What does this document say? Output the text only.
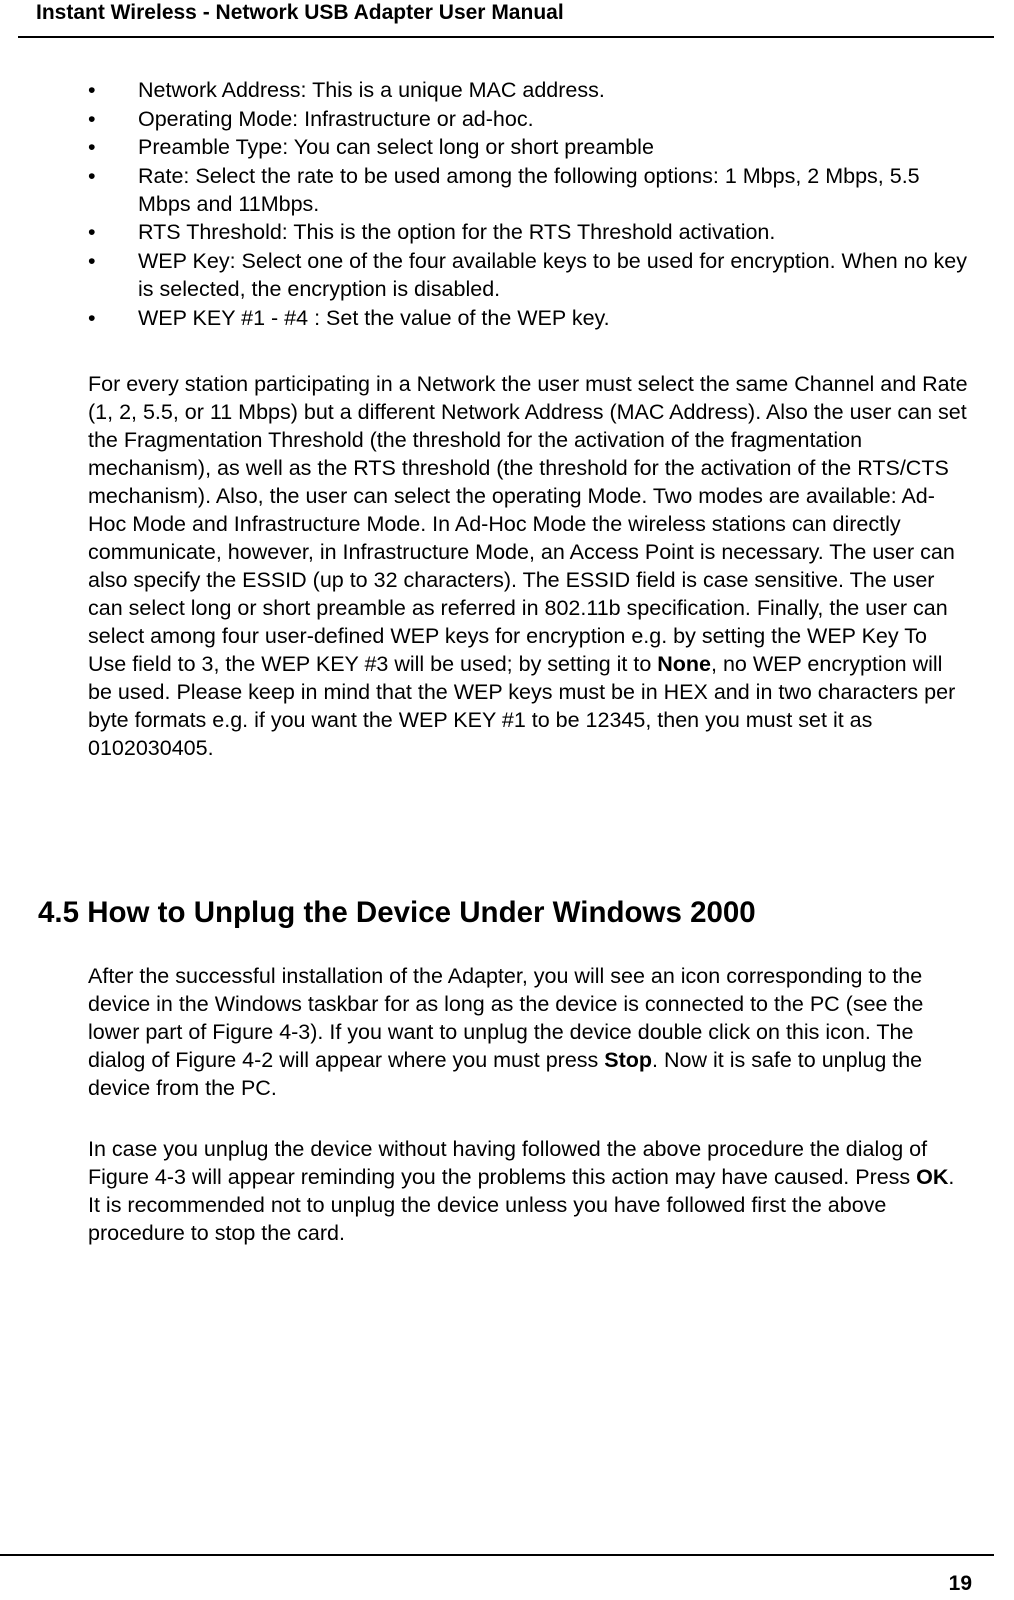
Instant Wireless - Network USB Adapter User Manual
• Network Address: This is a unique MAC address.
• Operating Mode: Infrastructure or ad-hoc.
• Preamble Type: You can select long or short preamble
• Rate: Select the rate to be used among the following options: 1 Mbps, 2 Mbps, 5.5 Mbps and 11Mbps.
• RTS Threshold: This is the option for the RTS Threshold activation.
• WEP Key: Select one of the four available keys to be used for encryption. When no key is selected, the encryption is disabled.
• WEP KEY #1 - #4 : Set the value of the WEP key.

For every station participating in a Network the user must select the same Channel and Rate (1, 2, 5.5, or 11 Mbps) but a different Network Address (MAC Address). Also the user can set the Fragmentation Threshold (the threshold for the activation of the fragmentation mechanism), as well as the RTS threshold (the threshold for the activation of the RTS/CTS mechanism). Also, the user can select the operating Mode. Two modes are available: Ad-Hoc Mode and Infrastructure Mode. In Ad-Hoc Mode the wireless stations can directly communicate, however, in Infrastructure Mode, an Access Point is necessary. The user can also specify the ESSID (up to 32 characters). The ESSID field is case sensitive. The user can select long or short preamble as referred in 802.11b specification. Finally, the user can select among four user-defined WEP keys for encryption e.g. by setting the WEP Key To Use field to 3, the WEP KEY #3 will be used; by setting it to None, no WEP encryption will be used. Please keep in mind that the WEP keys must be in HEX and in two characters per byte formats e.g. if you want the WEP KEY #1 to be 12345, then you must set it as 0102030405.

4.5 How to Unplug the Device Under Windows 2000

After the successful installation of the Adapter, you will see an icon corresponding to the device in the Windows taskbar for as long as the device is connected to the PC (see the lower part of Figure 4-3). If you want to unplug the device double click on this icon. The dialog of Figure 4-2 will appear where you must press Stop. Now it is safe to unplug the device from the PC.

In case you unplug the device without having followed the above procedure the dialog of Figure 4-3 will appear reminding you the problems this action may have caused. Press OK. It is recommended not to unplug the device unless you have followed first the above procedure to stop the card.

19
